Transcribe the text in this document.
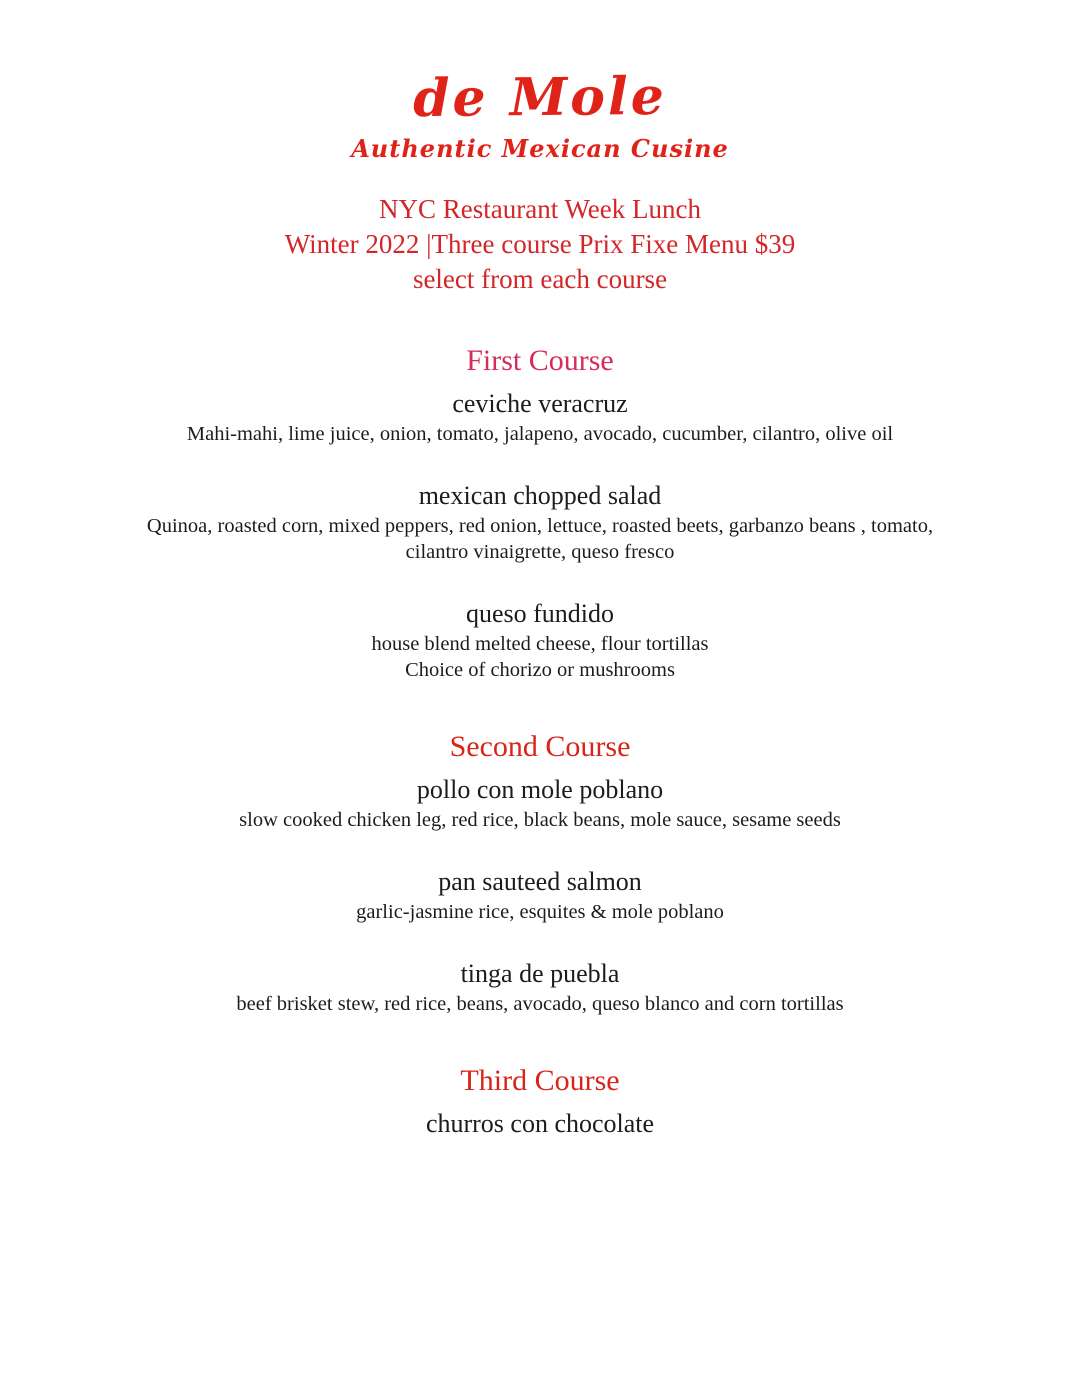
de Mole
Authentic Mexican Cusine
NYC Restaurant Week Lunch
Winter 2022 |Three course Prix Fixe Menu $39
select from each course
First Course
ceviche veracruz
Mahi-mahi, lime juice, onion, tomato, jalapeno, avocado, cucumber, cilantro, olive oil
mexican chopped salad
Quinoa, roasted corn, mixed peppers, red onion, lettuce, roasted beets, garbanzo beans , tomato,
cilantro vinaigrette, queso fresco
queso fundido
house blend melted cheese, flour tortillas
Choice of chorizo or mushrooms
Second Course
pollo con mole poblano
slow cooked chicken leg, red rice, black beans, mole sauce, sesame seeds
pan sauteed salmon
garlic-jasmine rice, esquites & mole poblano
tinga de puebla
beef brisket stew, red rice, beans, avocado, queso blanco and corn tortillas
Third Course
churros con chocolate
